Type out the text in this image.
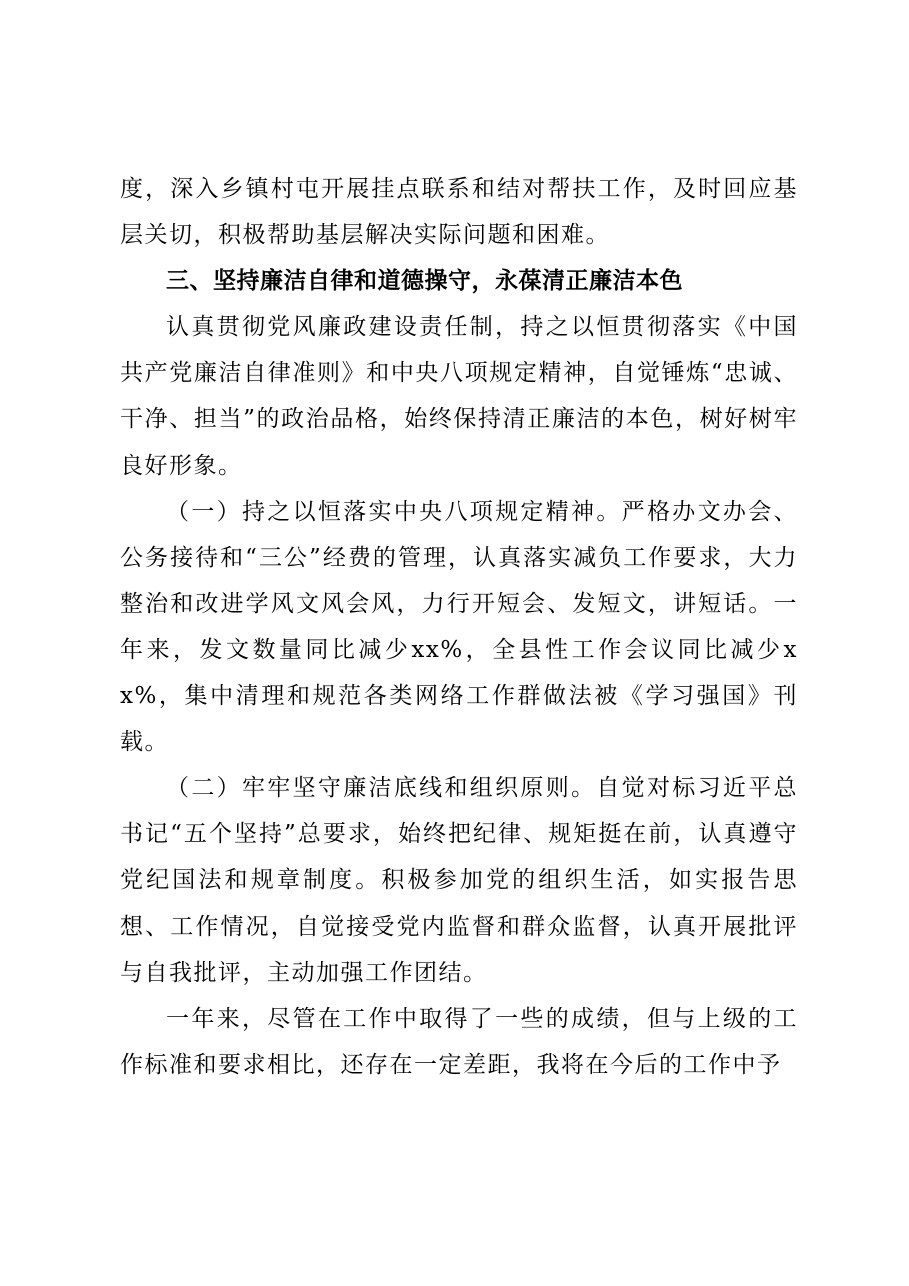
度，深入乡镇村屯开展挂点联系和结对帮扶工作，及时回应基层关切，积极帮助基层解决实际问题和困难。

三、坚持廉洁自律和道德操守，永葆清正廉洁本色

认真贯彻党风廉政建设责任制，持之以恒贯彻落实《中国共产党廉洁自律准则》和中央八项规定精神，自觉锤炼“忠诚、干净、担当”的政治品格，始终保持清正廉洁的本色，树好树牢良好形象。

（一）持之以恒落实中央八项规定精神。严格办文办会、公务接待和“三公”经费的管理，认真落实减负工作要求，大力整治和改进学风文风会风，力行开短会、发短文，讲短话。一年来，发文数量同比减少xx%，全县性工作会议同比减少xx%，集中清理和规范各类网络工作群做法被《学习强国》刊载。

（二）牢牢坚守廉洁底线和组织原则。自觉对标习近平总书记“五个坚持”总要求，始终把纪律、规矩挺在前，认真遵守党纪国法和规章制度。积极参加党的组织生活，如实报告思想、工作情况，自觉接受党内监督和群众监督，认真开展批评与自我批评，主动加强工作团结。

一年来，尽管在工作中取得了一些的成绩，但与上级的工作标准和要求相比，还存在一定差距，我将在今后的工作中予
